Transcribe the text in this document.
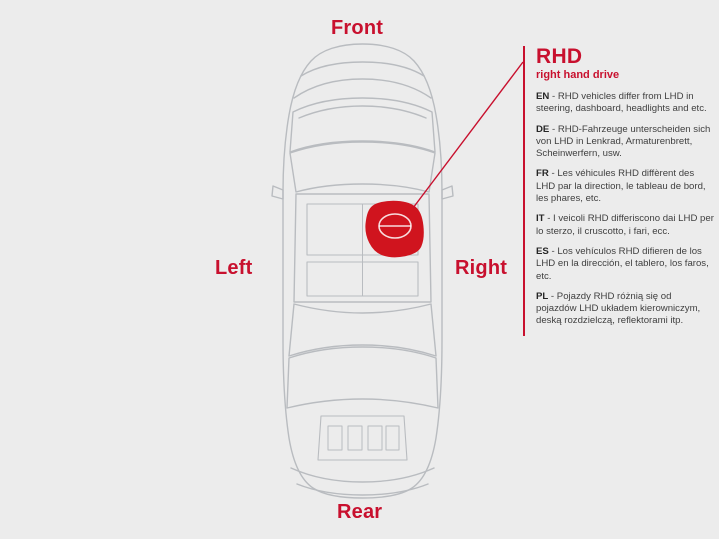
Front
Rear
Left	Right
RHD
right hand drive
EN - RHD vehicles differ from LHD in steering, dashboard, headlights and etc.
DE - RHD-Fahrzeuge unterscheiden sich von LHD in Lenkrad, Armaturenbrett, Scheinwerfern, usw.
FR - Les véhicules RHD diffèrent des LHD par la direction, le tableau de bord, les phares, etc.
IT - I veicoli RHD differiscono dai LHD per lo sterzo, il cruscotto, i fari, ecc.
ES - Los vehículos RHD difieren de los LHD en la dirección, el tablero, los faros, etc.
PL - Pojazdy RHD różnią się od pojazdów LHD układem kierowniczym, deską rozdzielczą, reflektorami itp.
